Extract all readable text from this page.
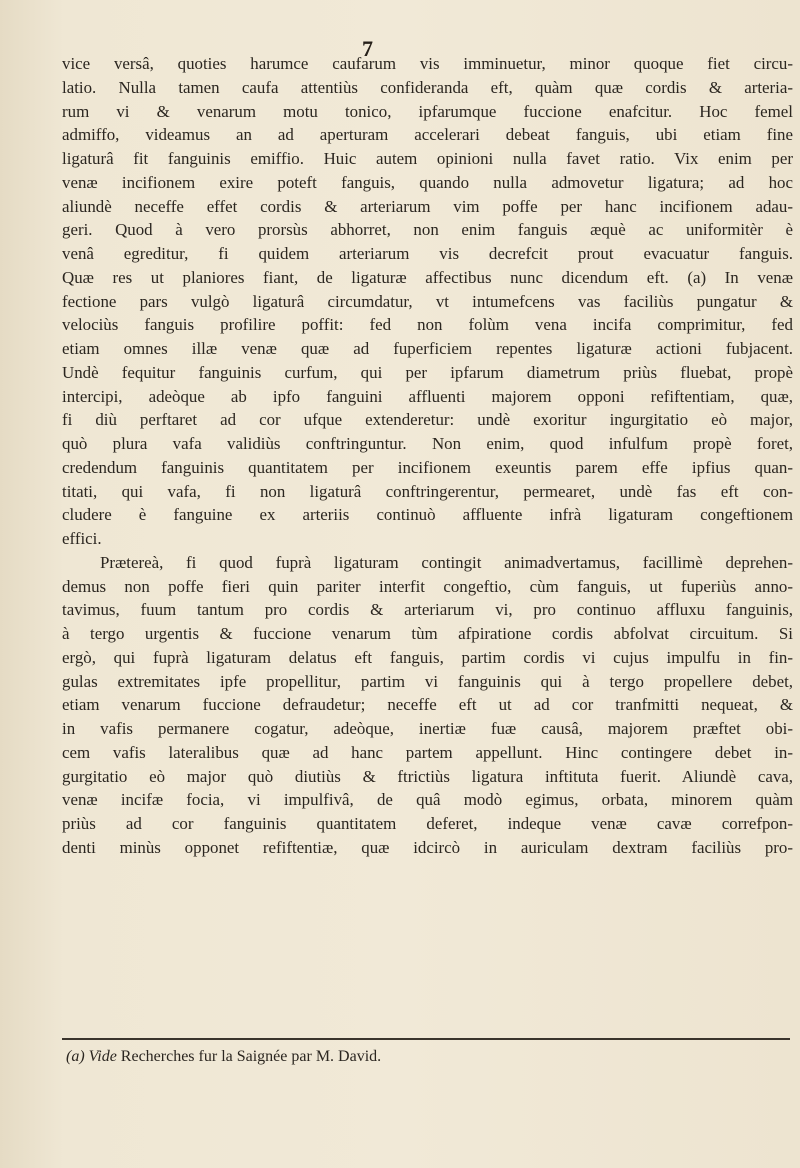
7
vice versâ, quoties harumce caufarum vis imminuetur, minor quoque fiet circu-
latio. Nulla tamen caufa attentiùs confideranda eft, quàm quæ cordis & arteria-
rum vi & venarum motu tonico, ipfarumque fuccione enafcitur. Hoc femel
admiffo, videamus an ad aperturam accelerari debeat fanguis, ubi etiam fine
ligaturâ fit fanguinis emiffio. Huic autem opinioni nulla favet ratio. Vix enim per
venæ incifionem exire poteft fanguis, quando nulla admovetur ligatura; ad hoc
aliundè neceffe effet cordis & arteriarum vim poffe per hanc incifionem adau-
geri. Quod à vero prorsùs abhorret, non enim fanguis æquè ac uniformitèr è
venâ egreditur, fi quidem arteriarum vis decrefcit prout evacuatur fanguis.
Quæ res ut planiores fiant, de ligaturæ affectibus nunc dicendum eft. (a) In venæ
fectione pars vulgò ligaturâ circumdatur, vt intumefcens vas faciliùs pungatur &
velociùs fanguis profilire poffit: fed non folùm vena incifa comprimitur, fed
etiam omnes illæ venæ quæ ad fuperficiem repentes ligaturæ actioni fubjacent.
Undè fequitur fanguinis curfum, qui per ipfarum diametrum priùs fluebat, propè
intercipi, adeòque ab ipfo fanguini affluenti majorem opponi refiftentiam, quæ,
fi diù perftaret ad cor ufque extenderetur: undè exoritur ingurgitatio eò major,
quò plura vafa validiùs conftringuntur. Non enim, quod infulfum propè foret,
credendum fanguinis quantitatem per incifionem exeuntis parem effe ipfius quan-
titati, qui vafa, fi non ligaturâ conftringerentur, permearet, undè fas eft con-
cludere è fanguine ex arteriis continuò affluente infrà ligaturam congeftionem
effici.
Prætereà, fi quod fuprà ligaturam contingit animadvertamus, facillimè deprehen-
demus non poffe fieri quin pariter interfit congeftio, cùm fanguis, ut fuperiùs anno-
tavimus, fuum tantum pro cordis & arteriarum vi, pro continuo affluxu fanguinis,
à tergo urgentis & fuccione venarum tùm afpiratione cordis abfolvat circuitum. Si
ergò, qui fuprà ligaturam delatus eft fanguis, partim cordis vi cujus impulfu in fin-
gulas extremitates ipfe propellitur, partim vi fanguinis qui à tergo propellere debet,
etiam venarum fuccione defraudetur; neceffe eft ut ad cor tranfmitti nequeat, &
in vafis permanere cogatur, adeòque, inertiæ fuæ causâ, majorem præftet obi-
cem vafis lateralibus quæ ad hanc partem appellunt. Hinc contingere debet in-
gurgitatio eò major quò diutiùs & ftrictiùs ligatura inftituta fuerit. Aliundè cava,
venæ incifæ focia, vi impulfivâ, de quâ modò egimus, orbata, minorem quàm
priùs ad cor fanguinis quantitatem deferet, indeque venæ cavæ correfpon-
denti minùs opponet refiftentiæ, quæ idcircò in auriculam dextram faciliùs pro-
(a) Vide Recherches fur la Saignée par M. David.
